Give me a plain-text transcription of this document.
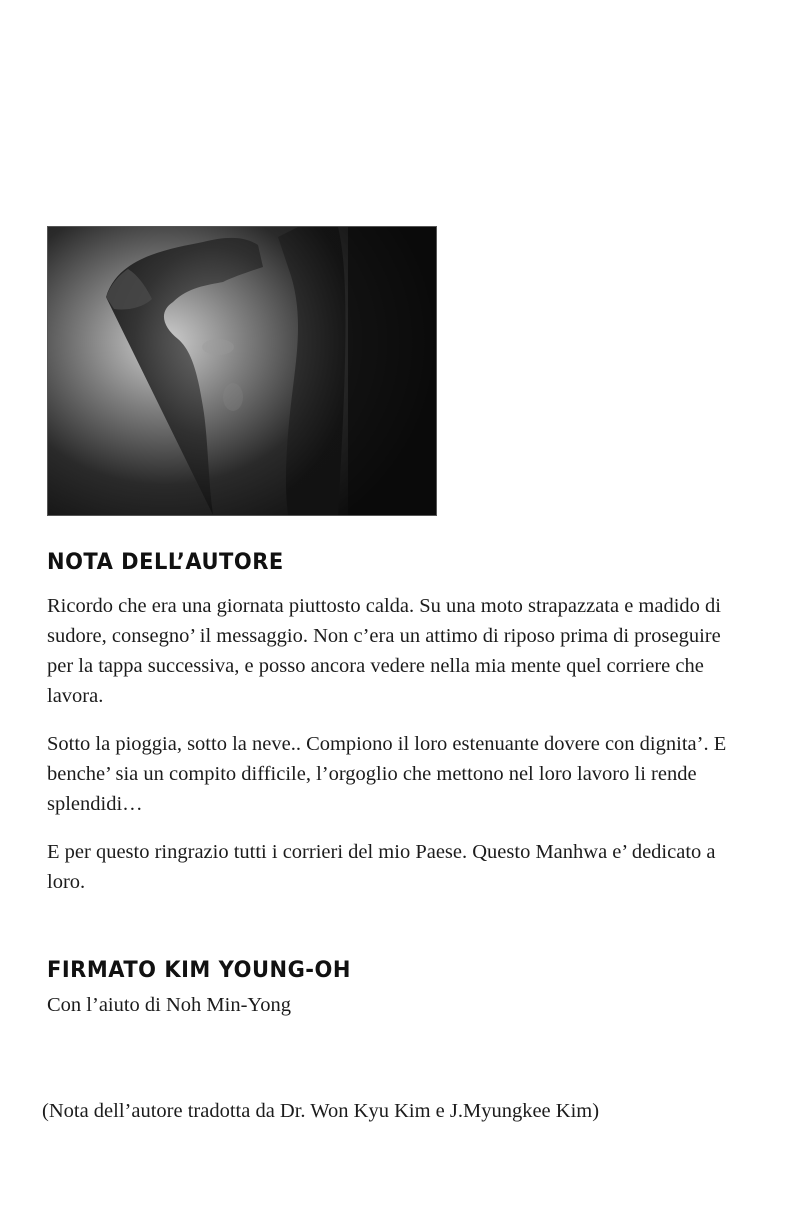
NOTA DELL’AUTORE

Ricordo che era una giornata piuttosto calda. Su una moto strapazzata e madido di sudore, consegno’ il messaggio. Non c’era un attimo di riposo prima di proseguire per la tappa successiva, e posso ancora vedere nella mia mente quel corriere che lavora.

Sotto la pioggia, sotto la neve.. Compiono il loro estenuante dovere con dignita’. E benche’ sia un compito difficile, l’orgoglio che mettono nel loro lavoro li rende splendidi…

E per questo ringrazio tutti i corrieri del mio Paese. Questo Manhwa e’ dedicato a loro.

FIRMATO KIM YOUNG-OH

Con l’aiuto di Noh Min-Yong

(Nota dell’autore tradotta da Dr. Won Kyu Kim e J.Myungkee Kim)
